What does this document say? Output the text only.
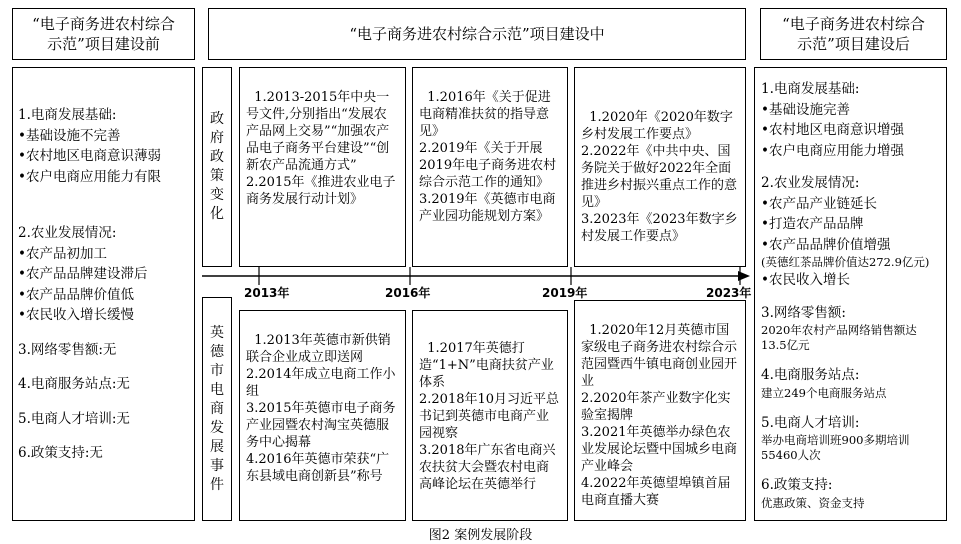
“电子商务进农村综合示范”项目建设前
“电子商务进农村综合示范”项目建设中
“电子商务进农村综合示范”项目建设后
1.电商发展基础:
•基础设施不完善
•农村地区电商意识薄弱
•农户电商应用能力有限
2.农业发展情况:
•农产品初加工
•农产品品牌建设滞后
•农产品品牌价值低
•农民收入增长缓慢
3.网络零售额:无
4.电商服务站点:无
5.电商人才培训:无
6.政策支持:无
政府政策变化
英德市电商发展事件

1.2013-2015年中央一号文件,分别指出“发展农产品网上交易”“加强农产品电子商务平台建设”“创新农产品流通方式”
2.2015年《推进农业电子商务发展行动计划》

1.2016年《关于促进电商精准扶贫的指导意见》
2.2019年《关于开展2019年电子商务进农村综合示范工作的通知》
3.2019年《英德市电商产业园功能规划方案》

1.2020年《2020年数字乡村发展工作要点》
2.2022年《中共中央、国务院关于做好2022年全面推进乡村振兴重点工作的意见》
3.2023年《2023年数字乡村发展工作要点》

2013年	2016年	2019年	2023年

1.2013年英德市新供销联合企业成立即送网
2.2014年成立电商工作小组
3.2015年英德市电子商务产业园暨农村淘宝英德服务中心揭幕
4.2016年英德市荣获“广东县域电商创新县”称号

1.2017年英德打造“1+N”电商扶贫产业体系
2.2018年10月习近平总书记到英德市电商产业园视察
3.2018年广东省电商兴农扶贫大会暨农村电商高峰论坛在英德举行

1.2020年12月英德市国家级电子商务进农村综合示范园暨西牛镇电商创业园开业
2.2020年茶产业数字化实验室揭牌
3.2021年英德举办绿色农业发展论坛暨中国城乡电商产业峰会
4.2022年英德望埠镇首届电商直播大赛

1.电商发展基础:
•基础设施完善
•农村地区电商意识增强
•农户电商应用能力增强
2.农业发展情况:
•农产品产业链延长
•打造农产品品牌
•农产品品牌价值增强
(英德红茶品牌价值达272.9亿元)
•农民收入增长
3.网络零售额:
2020年农村产品网络销售额达13.5亿元
4.电商服务站点:
建立249个电商服务站点
5.电商人才培训:
举办电商培训班900多期培训55460人次
6.政策支持:
优惠政策、资金支持
图2 案例发展阶段
